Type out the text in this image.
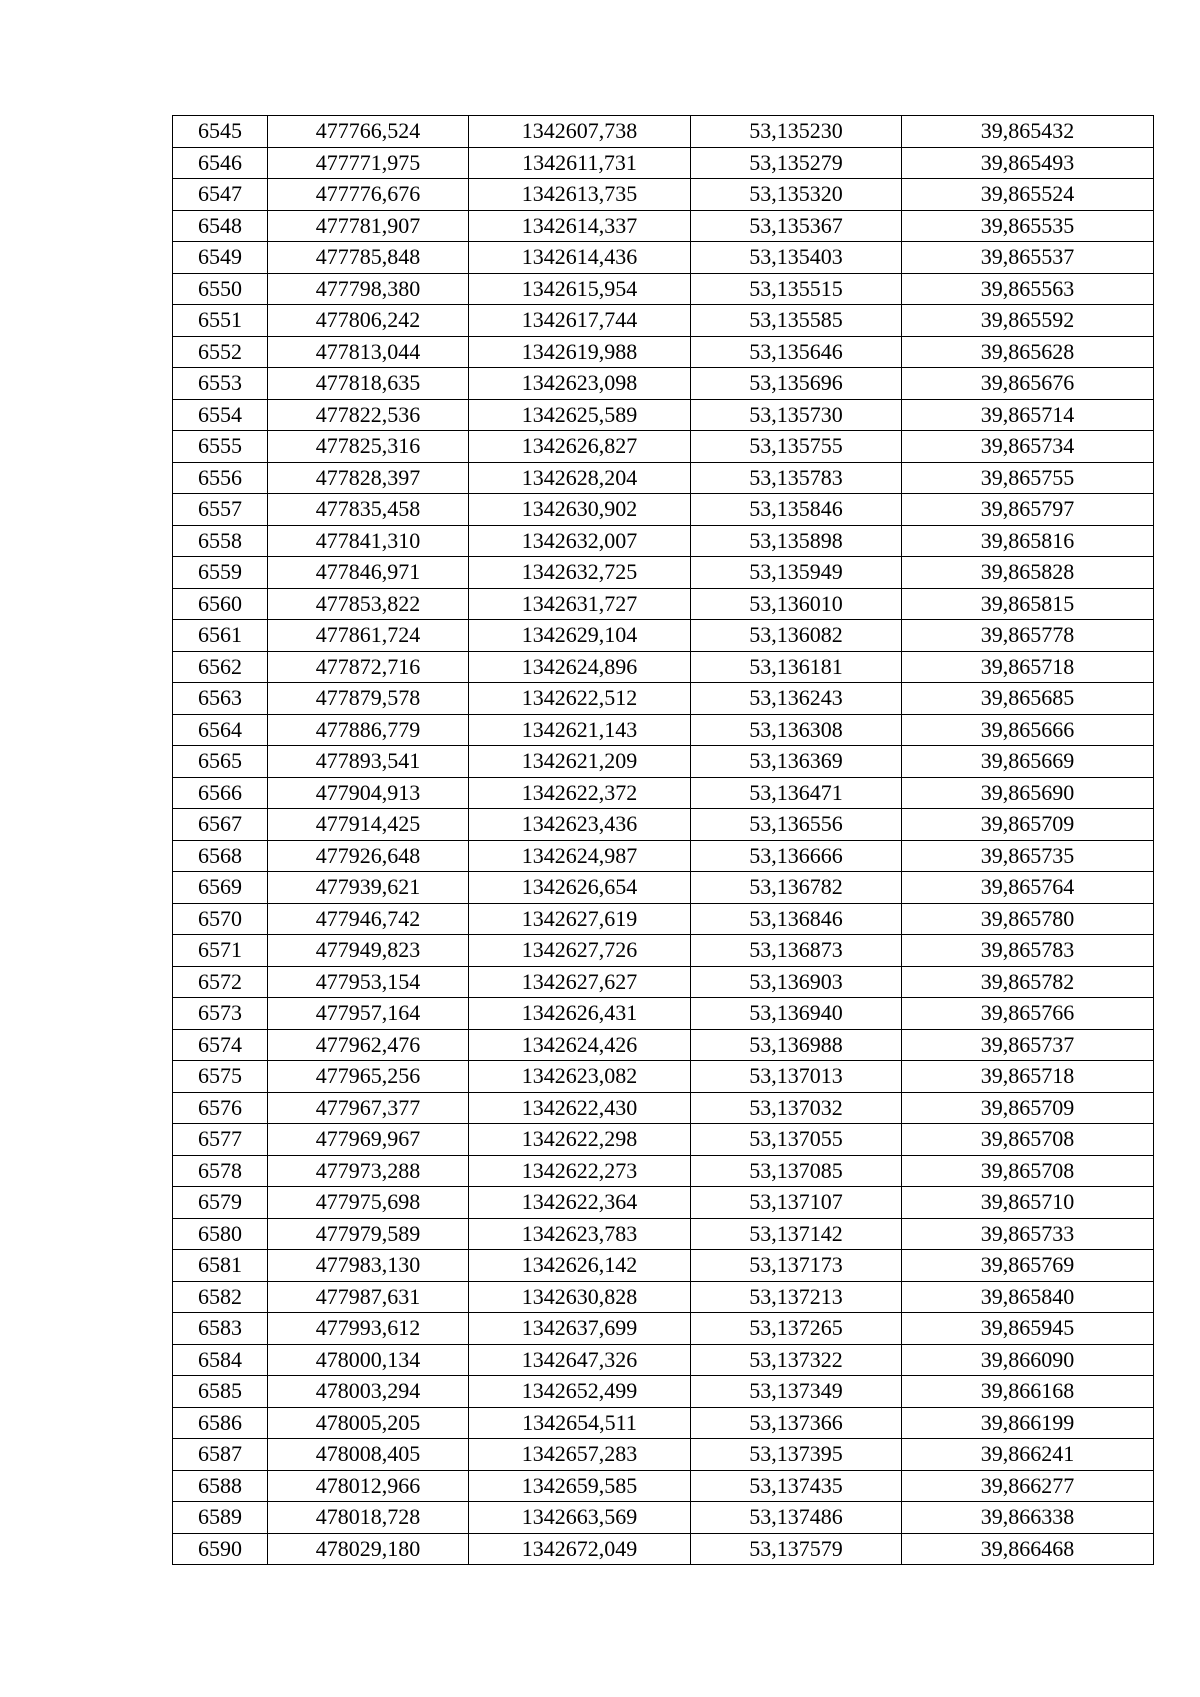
6545	477766,524	1342607,738	53,135230	39,865432
6546	477771,975	1342611,731	53,135279	39,865493
6547	477776,676	1342613,735	53,135320	39,865524
6548	477781,907	1342614,337	53,135367	39,865535
6549	477785,848	1342614,436	53,135403	39,865537
6550	477798,380	1342615,954	53,135515	39,865563
6551	477806,242	1342617,744	53,135585	39,865592
6552	477813,044	1342619,988	53,135646	39,865628
6553	477818,635	1342623,098	53,135696	39,865676
6554	477822,536	1342625,589	53,135730	39,865714
6555	477825,316	1342626,827	53,135755	39,865734
6556	477828,397	1342628,204	53,135783	39,865755
6557	477835,458	1342630,902	53,135846	39,865797
6558	477841,310	1342632,007	53,135898	39,865816
6559	477846,971	1342632,725	53,135949	39,865828
6560	477853,822	1342631,727	53,136010	39,865815
6561	477861,724	1342629,104	53,136082	39,865778
6562	477872,716	1342624,896	53,136181	39,865718
6563	477879,578	1342622,512	53,136243	39,865685
6564	477886,779	1342621,143	53,136308	39,865666
6565	477893,541	1342621,209	53,136369	39,865669
6566	477904,913	1342622,372	53,136471	39,865690
6567	477914,425	1342623,436	53,136556	39,865709
6568	477926,648	1342624,987	53,136666	39,865735
6569	477939,621	1342626,654	53,136782	39,865764
6570	477946,742	1342627,619	53,136846	39,865780
6571	477949,823	1342627,726	53,136873	39,865783
6572	477953,154	1342627,627	53,136903	39,865782
6573	477957,164	1342626,431	53,136940	39,865766
6574	477962,476	1342624,426	53,136988	39,865737
6575	477965,256	1342623,082	53,137013	39,865718
6576	477967,377	1342622,430	53,137032	39,865709
6577	477969,967	1342622,298	53,137055	39,865708
6578	477973,288	1342622,273	53,137085	39,865708
6579	477975,698	1342622,364	53,137107	39,865710
6580	477979,589	1342623,783	53,137142	39,865733
6581	477983,130	1342626,142	53,137173	39,865769
6582	477987,631	1342630,828	53,137213	39,865840
6583	477993,612	1342637,699	53,137265	39,865945
6584	478000,134	1342647,326	53,137322	39,866090
6585	478003,294	1342652,499	53,137349	39,866168
6586	478005,205	1342654,511	53,137366	39,866199
6587	478008,405	1342657,283	53,137395	39,866241
6588	478012,966	1342659,585	53,137435	39,866277
6589	478018,728	1342663,569	53,137486	39,866338
6590	478029,180	1342672,049	53,137579	39,866468
